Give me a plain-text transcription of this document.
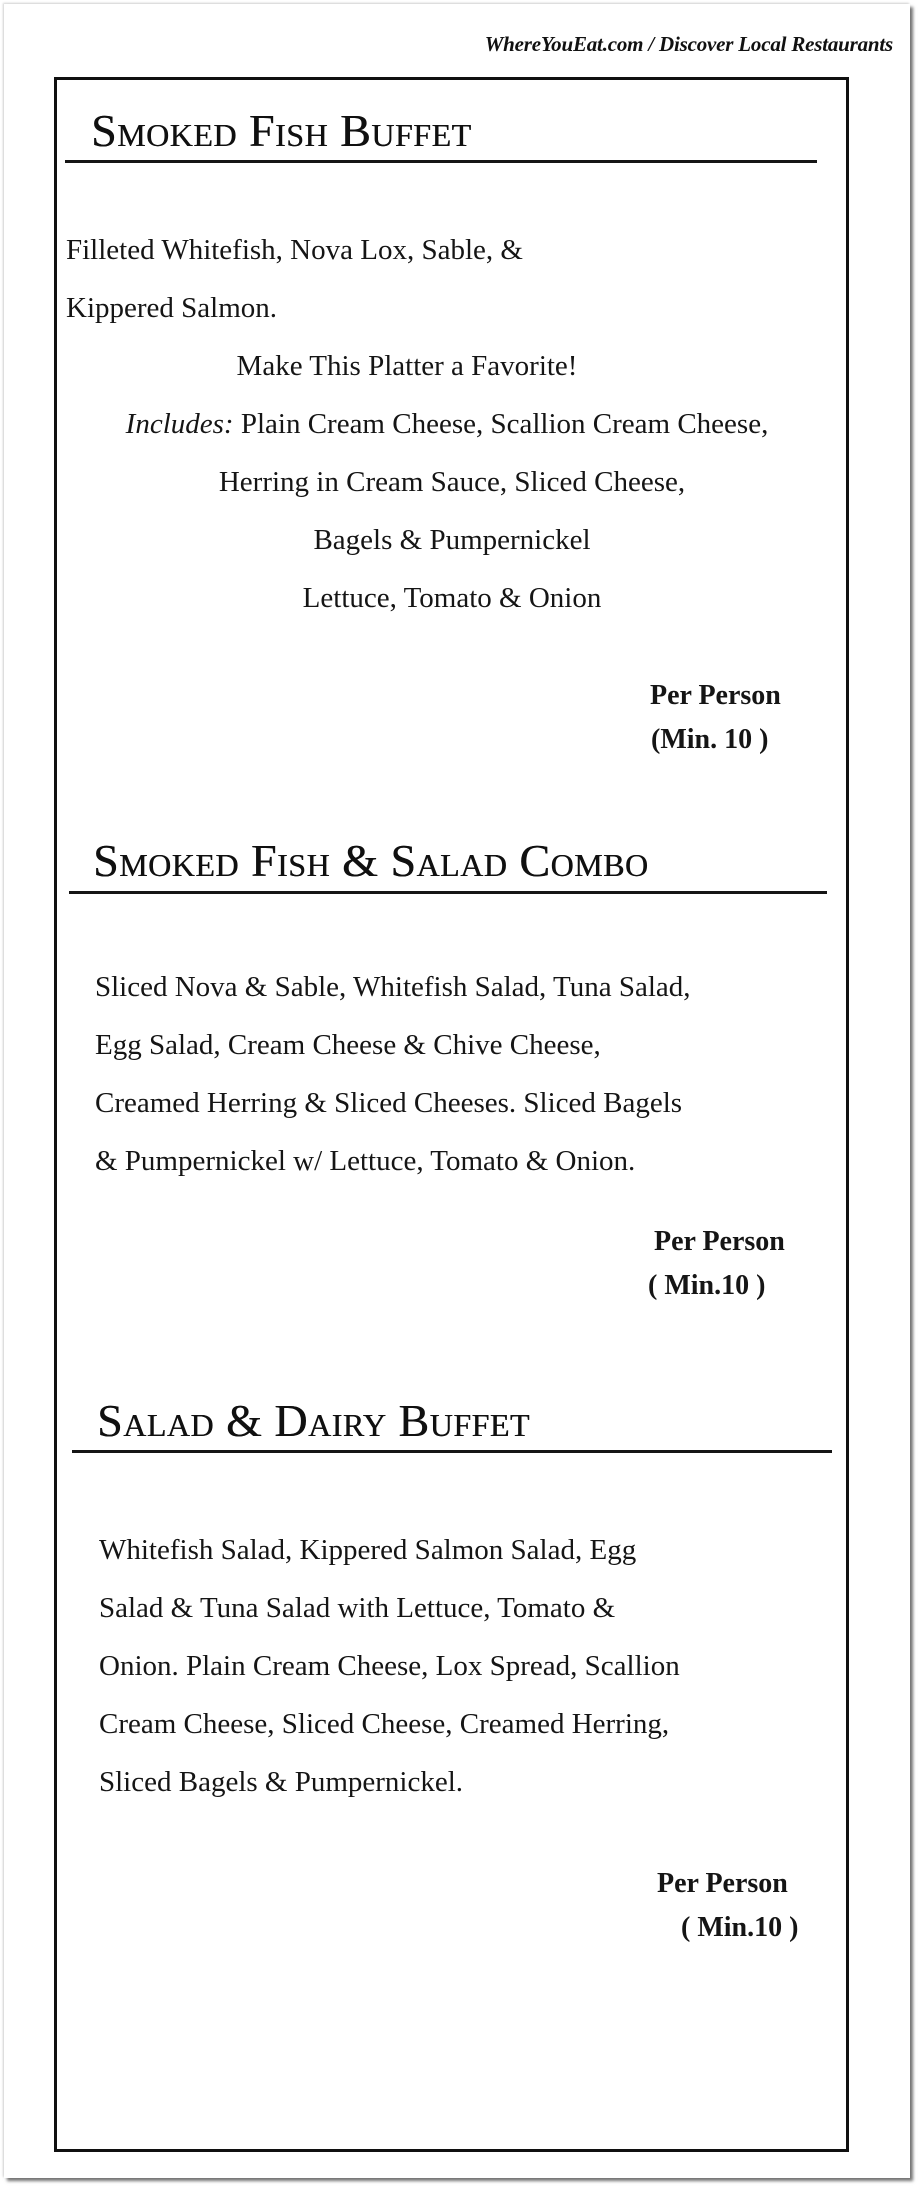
WhereYouEat.com / Discover Local Restaurants
Smoked Fish Buffet
Filleted Whitefish, Nova Lox, Sable, &
Kippered Salmon.
Make This Platter a Favorite!
Includes: Plain Cream Cheese, Scallion Cream Cheese,
Herring in Cream Sauce, Sliced Cheese,
Bagels & Pumpernickel
Lettuce, Tomato & Onion
Per Person
(Min. 10 )
Smoked Fish & Salad Combo
Sliced Nova & Sable, Whitefish Salad, Tuna Salad,
Egg Salad, Cream Cheese & Chive Cheese,
Creamed Herring & Sliced Cheeses. Sliced Bagels
& Pumpernickel w/ Lettuce, Tomato & Onion.
Per Person
( Min.10 )
Salad & Dairy Buffet
Whitefish Salad, Kippered Salmon Salad, Egg
Salad & Tuna Salad with Lettuce, Tomato &
Onion. Plain Cream Cheese, Lox Spread, Scallion
Cream Cheese, Sliced Cheese, Creamed Herring,
Sliced Bagels & Pumpernickel.
Per Person
( Min.10 )
